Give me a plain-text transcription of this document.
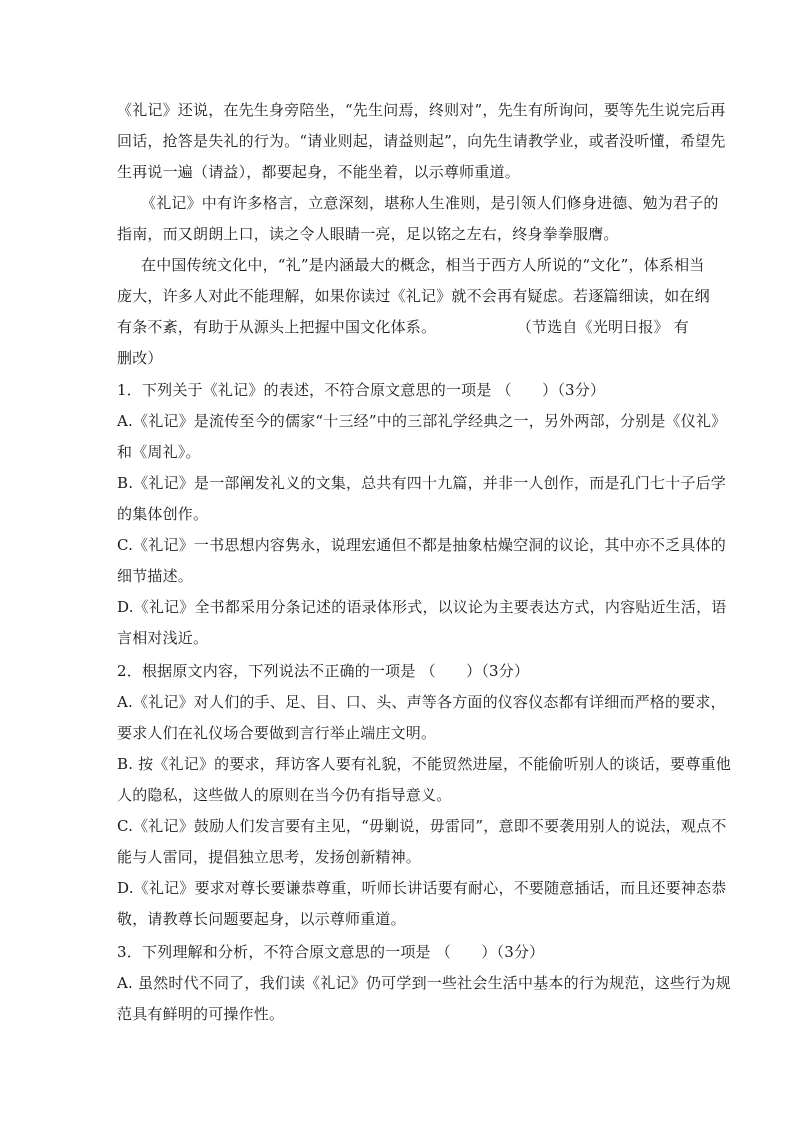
《礼记》还说，在先生身旁陪坐，“先生问焉，终则对”，先生有所询问，要等先生说完后再
回话，抢答是失礼的行为。“请业则起，请益则起”，向先生请教学业，或者没听懂，希望先
生再说一遍（请益），都要起身，不能坐着，以示尊师重道。
《礼记》中有许多格言，立意深刻，堪称人生准则，是引领人们修身进德、勉为君子的
指南，而又朗朗上口，读之令人眼睛一亮，足以铭之左右，终身拳拳服膺。
在中国传统文化中，“礼”是内涵最大的概念，相当于西方人所说的“文化”，体系相当
庞大，许多人对此不能理解，如果你读过《礼记》就不会再有疑虑。若逐篇细读，如在纲
有条不紊，有助于从源头上把握中国文化体系。	（节选自《光明日报》 有
删改）
1．下列关于《礼记》的表述，不符合原文意思的一项是 （　　）（3分）
A.《礼记》是流传至今的儒家“十三经”中的三部礼学经典之一，另外两部，分别是《仪礼》
和《周礼》。
B.《礼记》是一部阐发礼义的文集，总共有四十九篇，并非一人创作，而是孔门七十子后学
的集体创作。
C.《礼记》一书思想内容隽永，说理宏通但不都是抽象枯燥空洞的议论，其中亦不乏具体的
细节描述。
D.《礼记》全书都采用分条记述的语录体形式，以议论为主要表达方式，内容贴近生活，语
言相对浅近。
2．根据原文内容，下列说法不正确的一项是 （　　）（3分）
A.《礼记》对人们的手、足、目、口、头、声等各方面的仪容仪态都有详细而严格的要求，
要求人们在礼仪场合要做到言行举止端庄文明。
B. 按《礼记》的要求，拜访客人要有礼貌，不能贸然进屋，不能偷听别人的谈话，要尊重他
人的隐私，这些做人的原则在当今仍有指导意义。
C.《礼记》鼓励人们发言要有主见，“毋剿说，毋雷同”，意即不要袭用别人的说法，观点不
能与人雷同，提倡独立思考，发扬创新精神。
D.《礼记》要求对尊长要谦恭尊重，听师长讲话要有耐心，不要随意插话，而且还要神态恭
敬，请教尊长问题要起身，以示尊师重道。
3．下列理解和分析，不符合原文意思的一项是 （　　）（3分）
A. 虽然时代不同了，我们读《礼记》仍可学到一些社会生活中基本的行为规范，这些行为规
范具有鲜明的可操作性。
